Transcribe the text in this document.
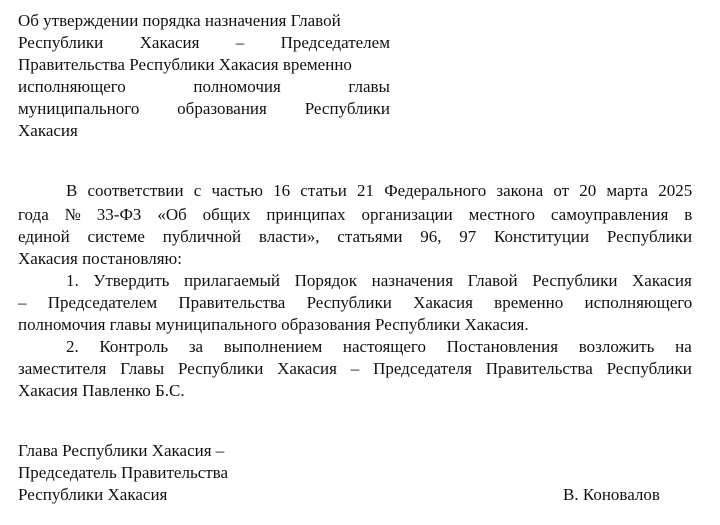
Об утверждении порядка назначения Главой
Республики Хакасия – Председателем
Правительства Республики Хакасия временно
исполняющего	полномочия	главы
муниципального образования Республики
Хакасия
В соответствии с частью 16 статьи 21 Федерального закона от 20 марта 2025
года № 33-ФЗ «Об общих принципах организации местного самоуправления в
единой системе публичной власти», статьями 96, 97 Конституции Республики
Хакасия постановляю:
1. Утвердить прилагаемый Порядок назначения Главой Республики Хакасия
– Председателем Правительства Республики Хакасия временно исполняющего
полномочия главы муниципального образования Республики Хакасия.
2. Контроль за выполнением настоящего Постановления возложить на
заместителя Главы Республики Хакасия – Председателя Правительства Республики
Хакасия Павленко Б.С.
Глава Республики Хакасия –
Председатель Правительства
Республики Хакасия	В. Коновалов
